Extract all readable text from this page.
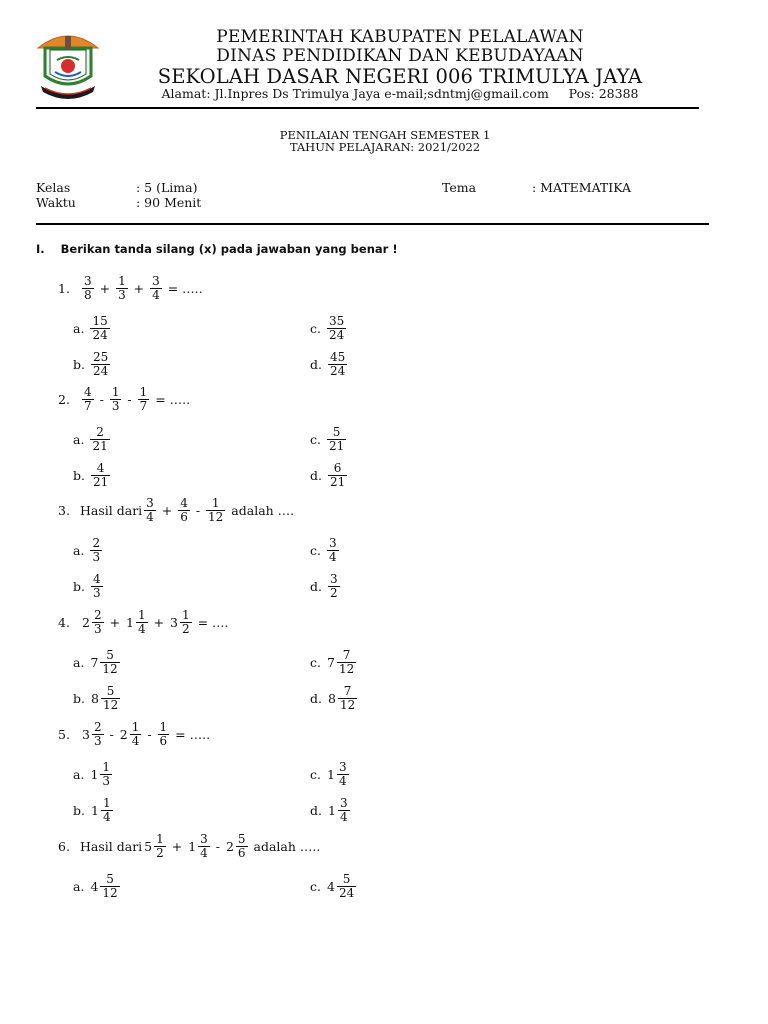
PEMERINTAH KABUPATEN PELALAWAN
DINAS PENDIDIKAN DAN KEBUDAYAAN
SEKOLAH DASAR NEGERI 006 TRIMULYA JAYA
Alamat: Jl.Inpres Ds Trimulya Jaya e-mail;sdntmj@gmail.com     Pos: 28388
PENILAIAN TENGAH SEMESTER 1
TAHUN PELAJARAN: 2021/2022
Kelas	: 5 (Lima)
Waktu	: 90 Menit
Tema	: MATEMATIKA
I.    Berikan tanda silang (x) pada jawaban yang benar !
1.	$\frac{3}{8} + \frac{1}{3} + \frac{3}{4}$ = …..
a. $\frac{15}{24}$	c. $\frac{35}{24}$
b. $\frac{25}{24}$	d. $\frac{45}{24}$
2.	$\frac{4}{7} - \frac{1}{3} - \frac{1}{7}$ = …..
a. $\frac{2}{21}$	c. $\frac{5}{21}$
b. $\frac{4}{21}$	d. $\frac{6}{21}$
3. Hasil dari $\frac{3}{4} + \frac{4}{6} - \frac{1}{12}$ adalah ….
a. $\frac{2}{3}$	c. $\frac{3}{4}$
b. $\frac{4}{3}$	d. $\frac{3}{2}$
4. $2 \frac{2}{3} + 1 \frac{1}{4} + 3 \frac{1}{2}$ = ….
a. $7 \frac{5}{12}$	c. $7 \frac{7}{12}$
b. $8 \frac{5}{12}$	d. $8 \frac{7}{12}$
5. $3 \frac{2}{3} - 2 \frac{1}{4} - \frac{1}{6}$ = …..
a. $1 \frac{1}{3}$	c. $1 \frac{3}{4}$
b. $1 \frac{1}{4}$	d. $1 \frac{3}{4}$
6. Hasil dari $5 \frac{1}{2} + 1 \frac{3}{4} - 2 \frac{5}{6}$ adalah …..
a. $4 \frac{5}{12}$	c. $4 \frac{5}{24}$
